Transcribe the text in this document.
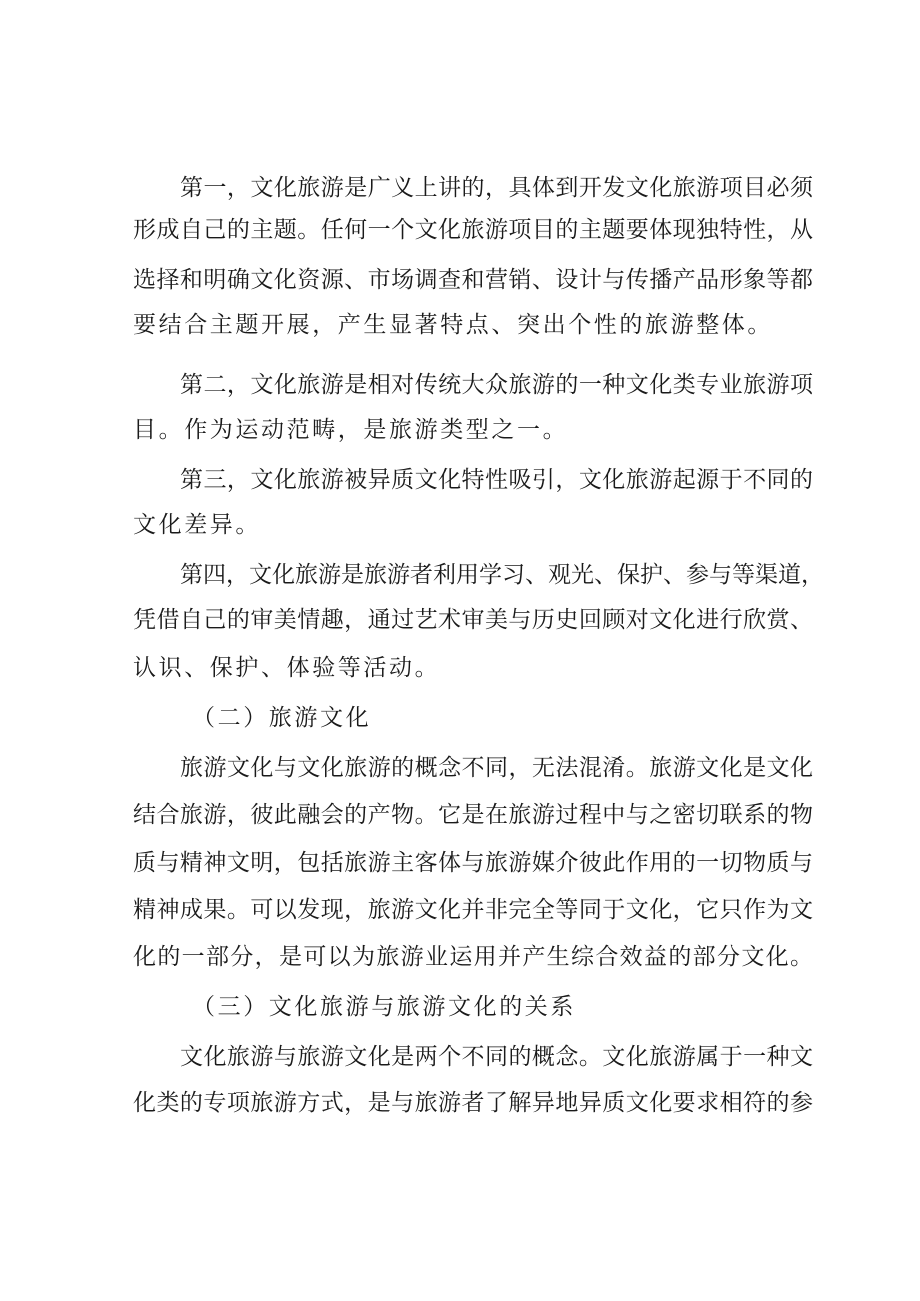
第一，文化旅游是广义上讲的，具体到开发文化旅游项目必须
形成自己的主题。任何一个文化旅游项目的主题要体现独特性，从
选择和明确文化资源、市场调查和营销、设计与传播产品形象等都
要结合主题开展，产生显著特点、突出个性的旅游整体。
第二，文化旅游是相对传统大众旅游的一种文化类专业旅游项
目。作为运动范畴，是旅游类型之一。
第三，文化旅游被异质文化特性吸引，文化旅游起源于不同的
文化差异。
第四，文化旅游是旅游者利用学习、观光、保护、参与等渠道，
凭借自己的审美情趣，通过艺术审美与历史回顾对文化进行欣赏、
认识、保护、体验等活动。
（二）旅游文化
旅游文化与文化旅游的概念不同，无法混淆。旅游文化是文化
结合旅游，彼此融会的产物。它是在旅游过程中与之密切联系的物
质与精神文明，包括旅游主客体与旅游媒介彼此作用的一切物质与
精神成果。可以发现，旅游文化并非完全等同于文化，它只作为文
化的一部分，是可以为旅游业运用并产生综合效益的部分文化。
（三）文化旅游与旅游文化的关系
文化旅游与旅游文化是两个不同的概念。文化旅游属于一种文
化类的专项旅游方式，是与旅游者了解异地异质文化要求相符的参
